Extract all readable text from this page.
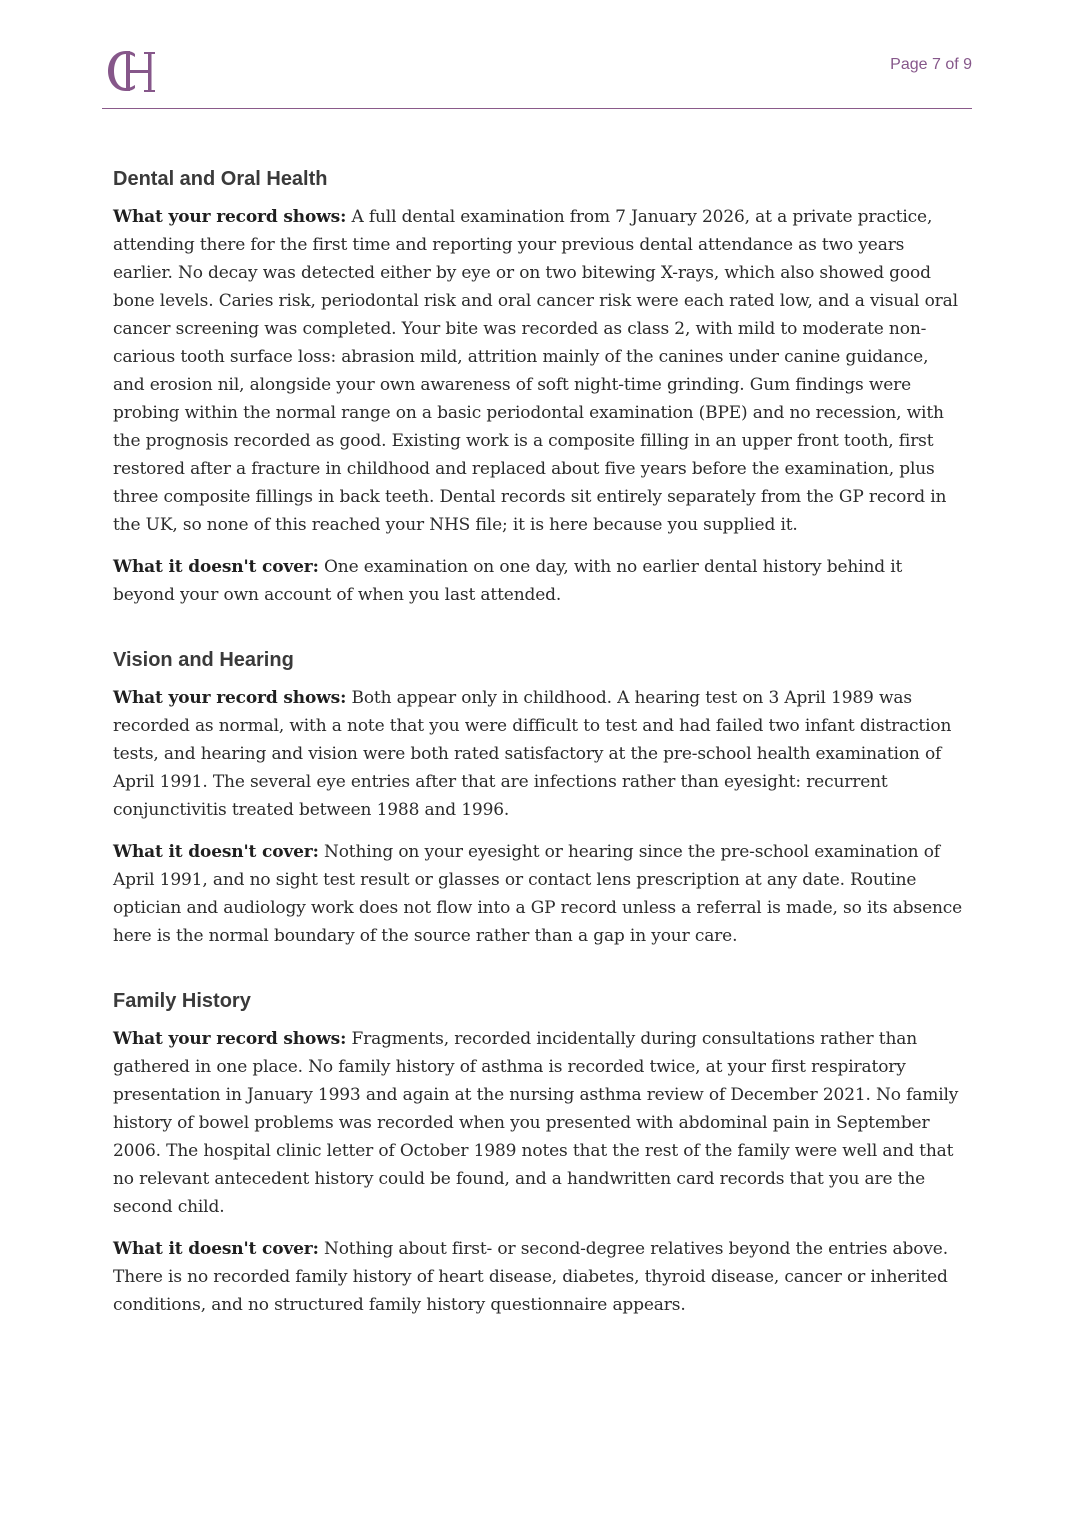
Page 7 of 9
Dental and Oral Health

What your record shows: A full dental examination from 7 January 2026, at a private practice, attending there for the first time and reporting your previous dental attendance as two years earlier. No decay was detected either by eye or on two bitewing X-rays, which also showed good bone levels. Caries risk, periodontal risk and oral cancer risk were each rated low, and a visual oral cancer screening was completed. Your bite was recorded as class 2, with mild to moderate non-carious tooth surface loss: abrasion mild, attrition mainly of the canines under canine guidance, and erosion nil, alongside your own awareness of soft night-time grinding. Gum findings were probing within the normal range on a basic periodontal examination (BPE) and no recession, with the prognosis recorded as good. Existing work is a composite filling in an upper front tooth, first restored after a fracture in childhood and replaced about five years before the examination, plus three composite fillings in back teeth. Dental records sit entirely separately from the GP record in the UK, so none of this reached your NHS file; it is here because you supplied it.

What it doesn't cover: One examination on one day, with no earlier dental history behind it beyond your own account of when you last attended.

Vision and Hearing

What your record shows: Both appear only in childhood. A hearing test on 3 April 1989 was recorded as normal, with a note that you were difficult to test and had failed two infant distraction tests, and hearing and vision were both rated satisfactory at the pre-school health examination of April 1991. The several eye entries after that are infections rather than eyesight: recurrent conjunctivitis treated between 1988 and 1996.

What it doesn't cover: Nothing on your eyesight or hearing since the pre-school examination of April 1991, and no sight test result or glasses or contact lens prescription at any date. Routine optician and audiology work does not flow into a GP record unless a referral is made, so its absence here is the normal boundary of the source rather than a gap in your care.

Family History

What your record shows: Fragments, recorded incidentally during consultations rather than gathered in one place. No family history of asthma is recorded twice, at your first respiratory presentation in January 1993 and again at the nursing asthma review of December 2021. No family history of bowel problems was recorded when you presented with abdominal pain in September 2006. The hospital clinic letter of October 1989 notes that the rest of the family were well and that no relevant antecedent history could be found, and a handwritten card records that you are the second child.

What it doesn't cover: Nothing about first- or second-degree relatives beyond the entries above. There is no recorded family history of heart disease, diabetes, thyroid disease, cancer or inherited conditions, and no structured family history questionnaire appears.
